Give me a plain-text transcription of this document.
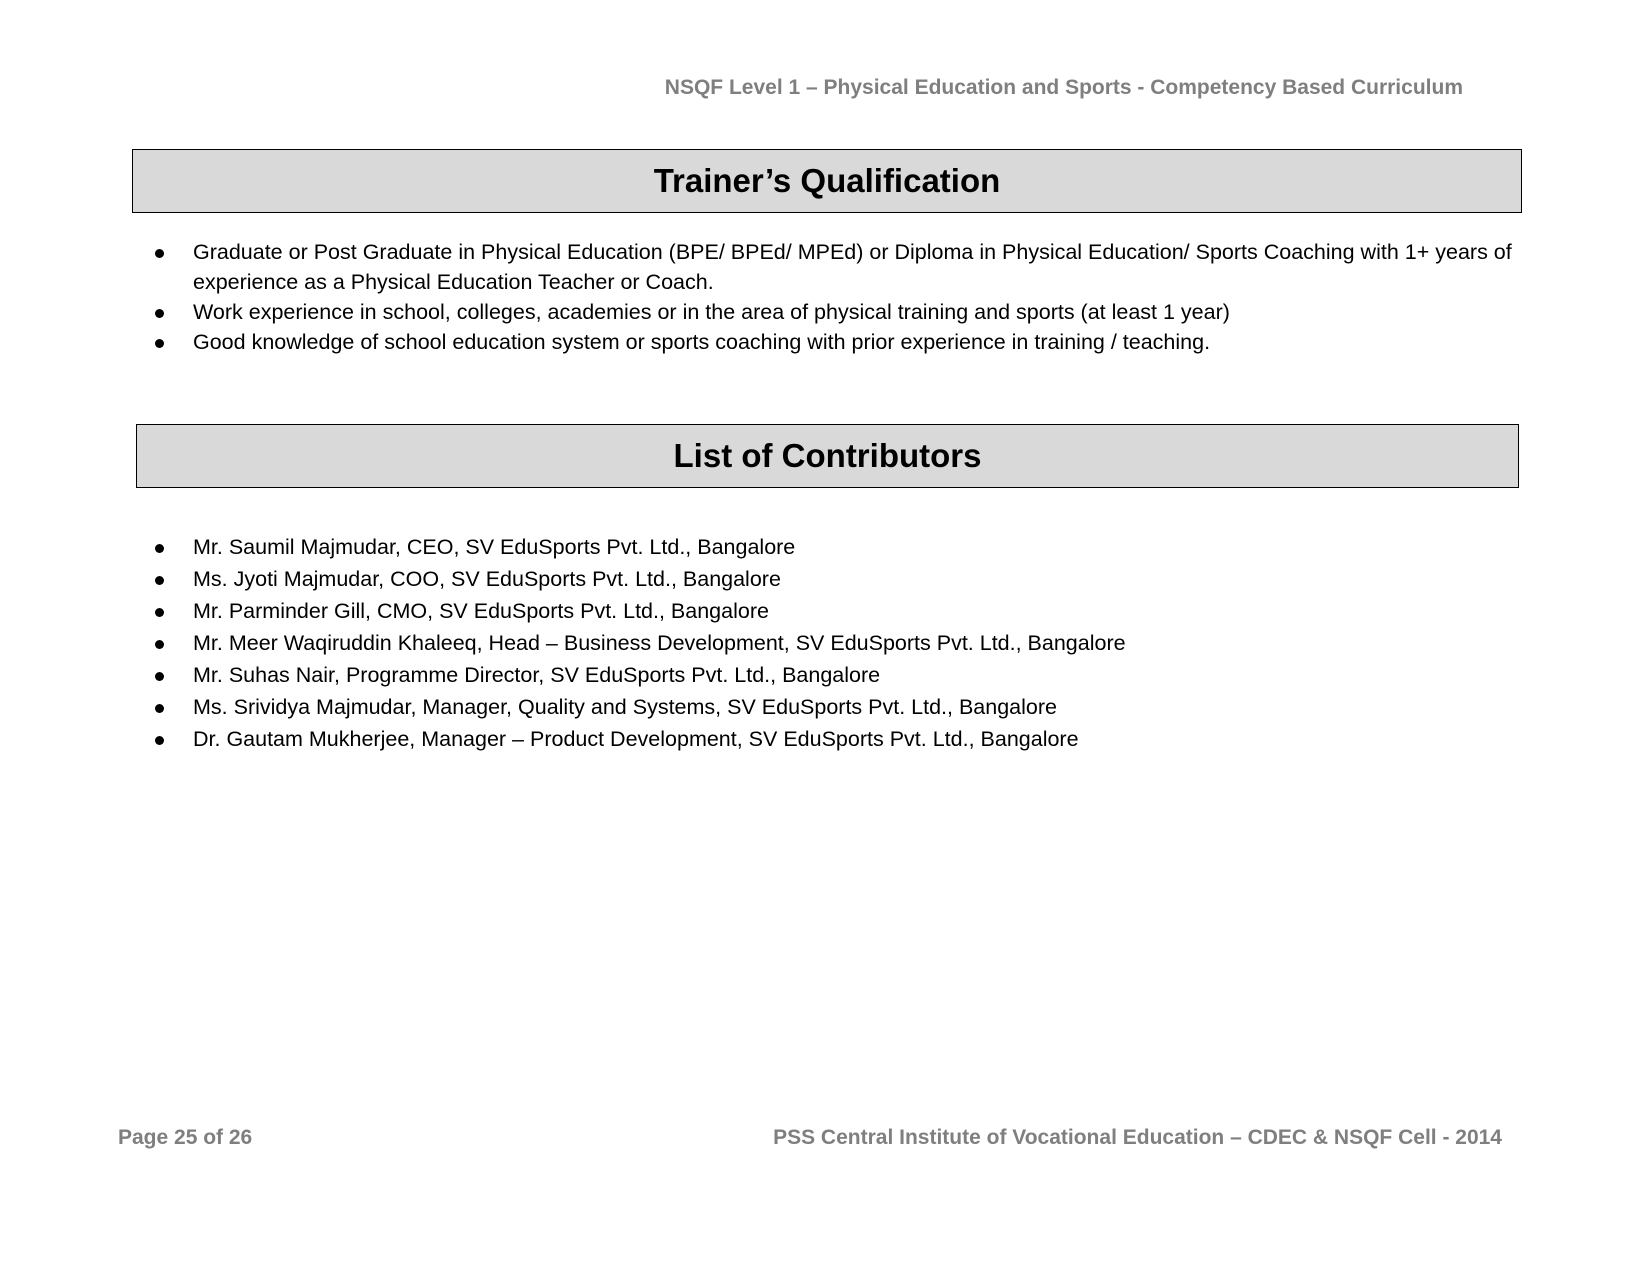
NSQF Level 1 – Physical Education and Sports - Competency Based Curriculum
Trainer’s Qualification
Graduate or Post Graduate in Physical Education (BPE/ BPEd/ MPEd) or Diploma in Physical Education/ Sports Coaching with 1+ years of experience as a Physical Education Teacher or Coach.
Work experience in school, colleges, academies or in the area of physical training and sports (at least 1 year)
Good knowledge of school education system or sports coaching with prior experience in training / teaching.
List of Contributors
Mr. Saumil Majmudar, CEO, SV EduSports Pvt. Ltd., Bangalore
Ms. Jyoti Majmudar, COO, SV EduSports Pvt. Ltd., Bangalore
Mr. Parminder Gill, CMO, SV EduSports Pvt. Ltd., Bangalore
Mr. Meer Waqiruddin Khaleeq, Head – Business Development, SV EduSports Pvt. Ltd., Bangalore
Mr. Suhas Nair, Programme Director, SV EduSports Pvt. Ltd., Bangalore
Ms. Srividya Majmudar, Manager, Quality and Systems, SV EduSports Pvt. Ltd., Bangalore
Dr. Gautam Mukherjee, Manager – Product Development, SV EduSports Pvt. Ltd., Bangalore
Page 25 of 26	PSS Central Institute of Vocational Education – CDEC & NSQF Cell - 2014
